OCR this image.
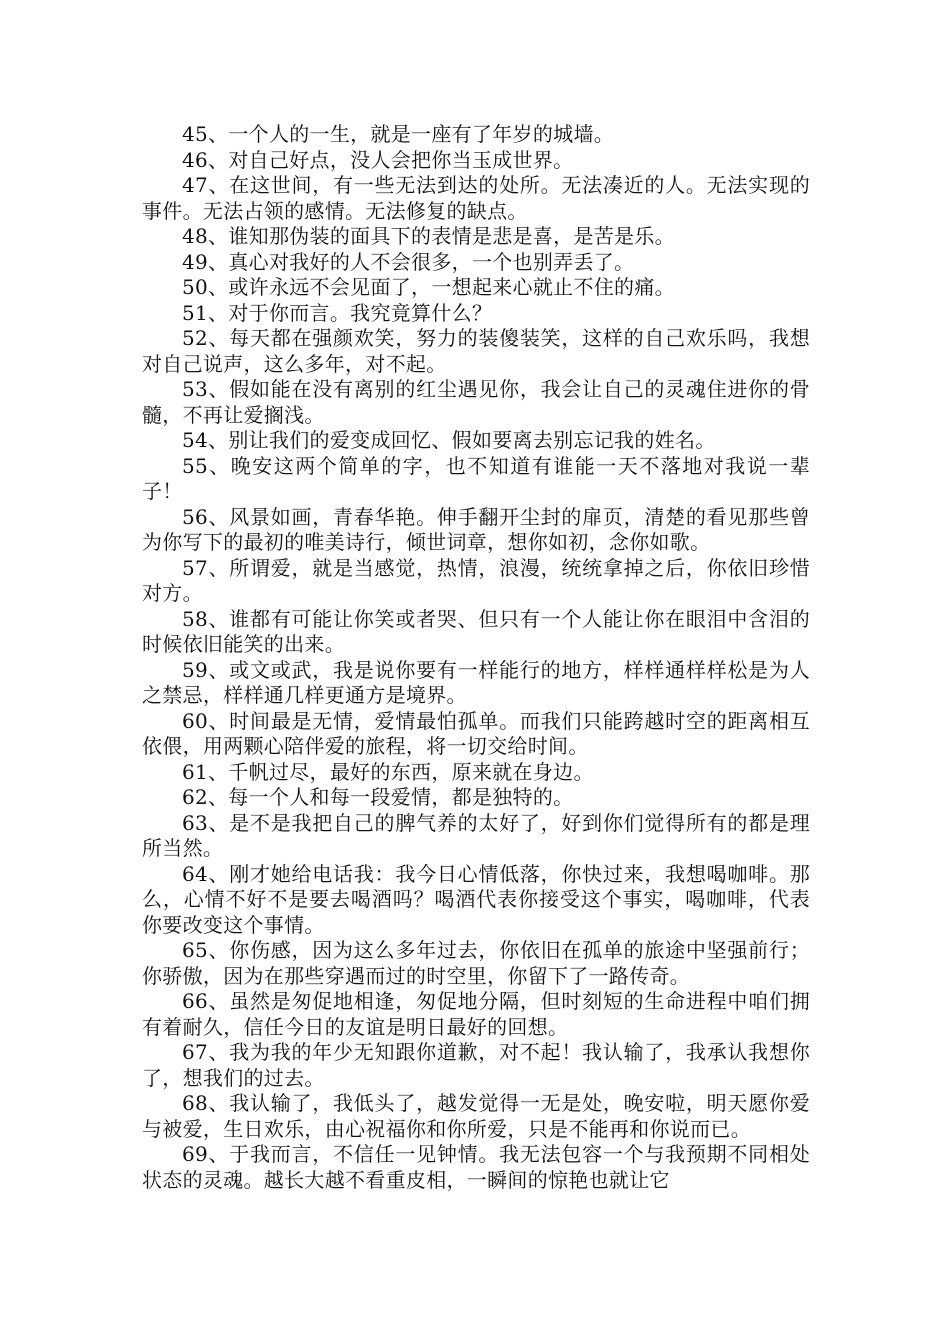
45、一个人的一生，就是一座有了年岁的城墙。

46、对自己好点，没人会把你当玉成世界。

47、在这世间，有一些无法到达的处所。无法凑近的人。无法实现的事件。无法占领的感情。无法修复的缺点。

48、谁知那伪装的面具下的表情是悲是喜，是苦是乐。

49、真心对我好的人不会很多，一个也别弄丢了。

50、或许永远不会见面了，一想起来心就止不住的痛。

51、对于你而言。我究竟算什么？

52、每天都在强颜欢笑，努力的装傻装笑，这样的自己欢乐吗，我想对自己说声，这么多年，对不起。

53、假如能在没有离别的红尘遇见你，我会让自己的灵魂住进你的骨髓，不再让爱搁浅。

54、别让我们的爱变成回忆、假如要离去别忘记我的姓名。

55、晚安这两个简单的字，也不知道有谁能一天不落地对我说一辈子！

56、风景如画，青春华艳。伸手翻开尘封的扉页，清楚的看见那些曾为你写下的最初的唯美诗行，倾世词章，想你如初，念你如歌。

57、所谓爱，就是当感觉，热情，浪漫，统统拿掉之后，你依旧珍惜对方。

58、谁都有可能让你笑或者哭、但只有一个人能让你在眼泪中含泪的时候依旧能笑的出来。

59、或文或武，我是说你要有一样能行的地方，样样通样样松是为人之禁忌，样样通几样更通方是境界。

60、时间最是无情，爱情最怕孤单。而我们只能跨越时空的距离相互依偎，用两颗心陪伴爱的旅程，将一切交给时间。

61、千帆过尽，最好的东西，原来就在身边。

62、每一个人和每一段爱情，都是独特的。

63、是不是我把自己的脾气养的太好了，好到你们觉得所有的都是理所当然。

64、刚才她给电话我：我今日心情低落，你快过来，我想喝咖啡。那么，心情不好不是要去喝酒吗？喝酒代表你接受这个事实，喝咖啡，代表你要改变这个事情。

65、你伤感，因为这么多年过去，你依旧在孤单的旅途中坚强前行；你骄傲，因为在那些穿遇而过的时空里，你留下了一路传奇。

66、虽然是匆促地相逢，匆促地分隔，但时刻短的生命进程中咱们拥有着耐久，信任今日的友谊是明日最好的回想。

67、我为我的年少无知跟你道歉，对不起！我认输了，我承认我想你了，想我们的过去。

68、我认输了，我低头了，越发觉得一无是处，晚安啦，明天愿你爱与被爱，生日欢乐，由心祝福你和你所爱，只是不能再和你说而已。

69、于我而言，不信任一见钟情。我无法包容一个与我预期不同相处状态的灵魂。越长大越不看重皮相，一瞬间的惊艳也就让它
